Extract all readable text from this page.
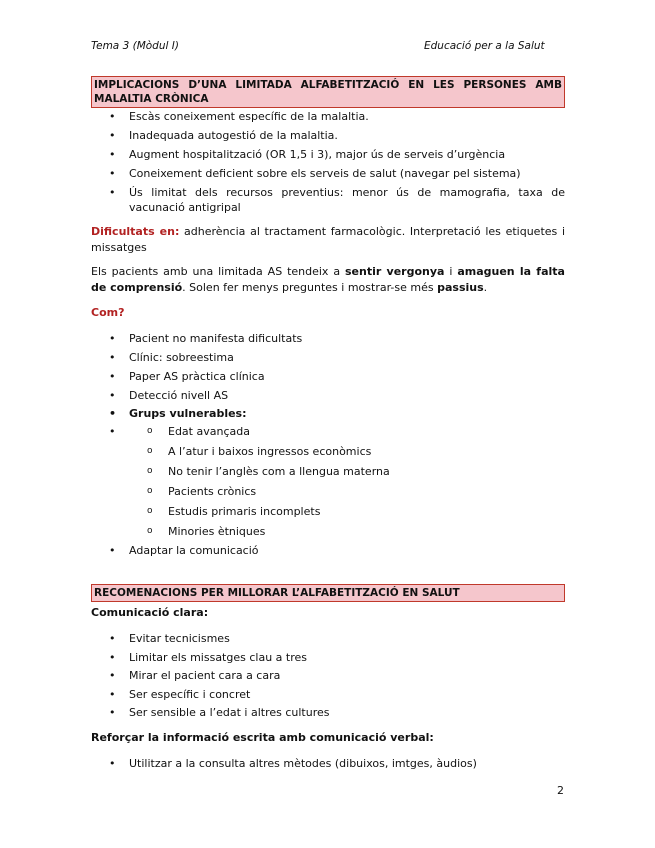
Tema 3 (Mòdul I)	Educació per a la Salut
IMPLICACIONS D’UNA LIMITADA ALFABETITZACIÓ EN LES PERSONES AMB MALALTIA CRÒNICA
• Escàs coneixement específic de la malaltia.
• Inadequada autogestió de la malaltia.
• Augment hospitalització (OR 1,5 i 3), major ús de serveis d’urgència
• Coneixement deficient sobre els serveis de salut (navegar pel sistema)
• Ús limitat dels recursos preventius: menor ús de mamografia, taxa de vacunació antigripal
Dificultats en: adherència al tractament farmacològic. Interpretació les etiquetes i missatges
Els pacients amb una limitada AS tendeix a sentir vergonya i amaguen la falta de comprensió. Solen fer menys preguntes i mostrar-se més passius.
Com?
• Pacient no manifesta dificultats
• Clínic: sobreestima
• Paper AS pràctica clínica
• Detecció nivell AS
• Grups vulnerables:
o • Edat avançada
o A l’atur i baixos ingressos econòmics
o No tenir l’anglès com a llengua materna
o Pacients crònics
o Estudis primaris incomplets
o Minories ètniques
• Adaptar la comunicació
RECOMENACIONS PER MILLORAR L’ALFABETITZACIÓ EN SALUT
Comunicació clara:
• Evitar tecnicismes
• Limitar els missatges clau a tres
• Mirar el pacient cara a cara
• Ser específic i concret
• Ser sensible a l’edat i altres cultures
Reforçar la informació escrita amb comunicació verbal:
• Utilitzar a la consulta altres mètodes (dibuixos, imtges, àudios)
2
